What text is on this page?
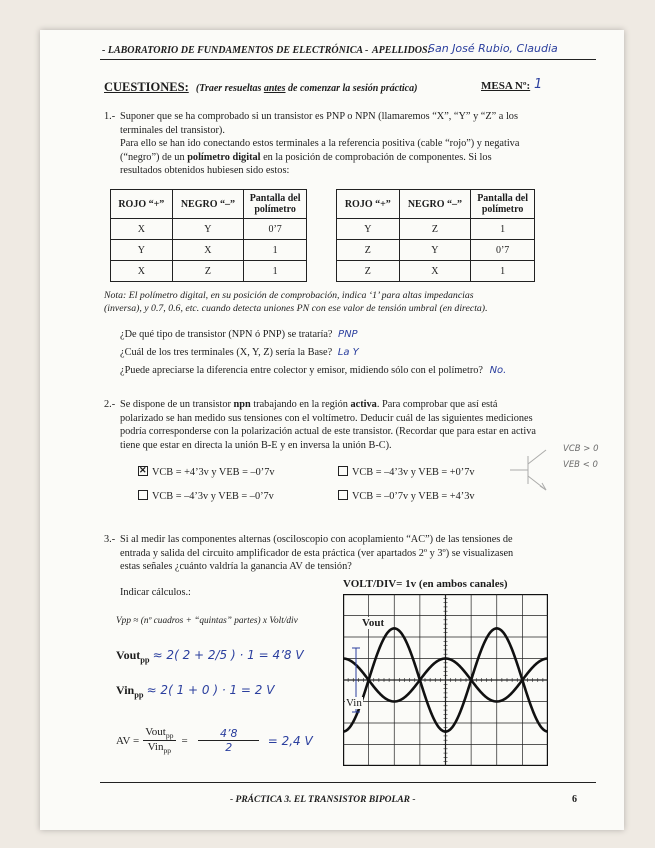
- LABORATORIO DE FUNDAMENTOS DE ELECTRÓNICA - APELLIDOS:
San José Rubio, Claudia
CUESTIONES: (Traer resueltas antes de comenzar la sesión práctica)	MESA Nº: 1
1.- Suponer que se ha comprobado si un transistor es PNP o NPN (llamaremos “X”, “Y” y “Z” a los
terminales del transistor).
Para ello se han ido conectando estos terminales a la referencia positiva (cable “rojo”) y negativa
(“negro”) de un polímetro digital en la posición de comprobación de componentes. Si los
resultados obtenidos hubiesen sido estos:
ROJO “+”	NEGRO “–”	Pantalla del polímetro
X	Y	0’7
Y	X	1
X	Z	1
ROJO “+”	NEGRO “–”	Pantalla del polímetro
Y	Z	1
Z	Y	0’7
Z	X	1
Nota: El polímetro digital, en su posición de comprobación, indica ‘1’ para altas impedancias
(inversa), y 0.7, 0.6, etc. cuando detecta uniones PN con ese valor de tensión umbral (en directa).
¿De qué tipo de transistor (NPN ó PNP) se trataría? PNP
¿Cuál de los tres terminales (X, Y, Z) sería la Base? La Y
¿Puede apreciarse la diferencia entre colector y emisor, midiendo sólo con el polímetro? No.
2.- Se dispone de un transistor npn trabajando en la región activa. Para comprobar que así está
polarizado se han medido sus tensiones con el voltímetro. Deducir cuál de las siguientes mediciones
podría corresponderse con la polarización actual de este transistor. (Recordar que para estar en activa
tiene que estar en directa la unión B-E y en inversa la unión B-C).
✕VCB = +4’3v y VEB = –0’7v	VCB = –4’3v y VEB = +0’7v
VCB = –4’3v y VEB = –0’7v	VCB = –0’7v y VEB = +4’3v
VCB > 0
VEB < 0
3.- Si al medir las componentes alternas (osciloscopio con acoplamiento “AC”) de las tensiones de
entrada y salida del circuito amplificador de esta práctica (ver apartados 2º y 3º) se visualizasen
estas señales ¿cuánto valdría la ganancia AV de tensión?
Indicar cálculos.:
Vpp ≈ (nº cuadros + “quintas” partes) x Volt/div
Vout$_{pp}$ ≈ 2( 2 + 2/5 ) · 1 = 4’8 V
Vin$_{pp}$ ≈ 2( 1 + 0 ) · 1 = 2 V
AV = $\frac{Vout_{pp}}{Vin_{pp}} = \frac{4’8}{2} = 2,4$ V
VOLT/DIV= 1v (en ambos canales)
Vout
Vin
- PRÁCTICA 3. EL TRANSISTOR BIPOLAR -	6
